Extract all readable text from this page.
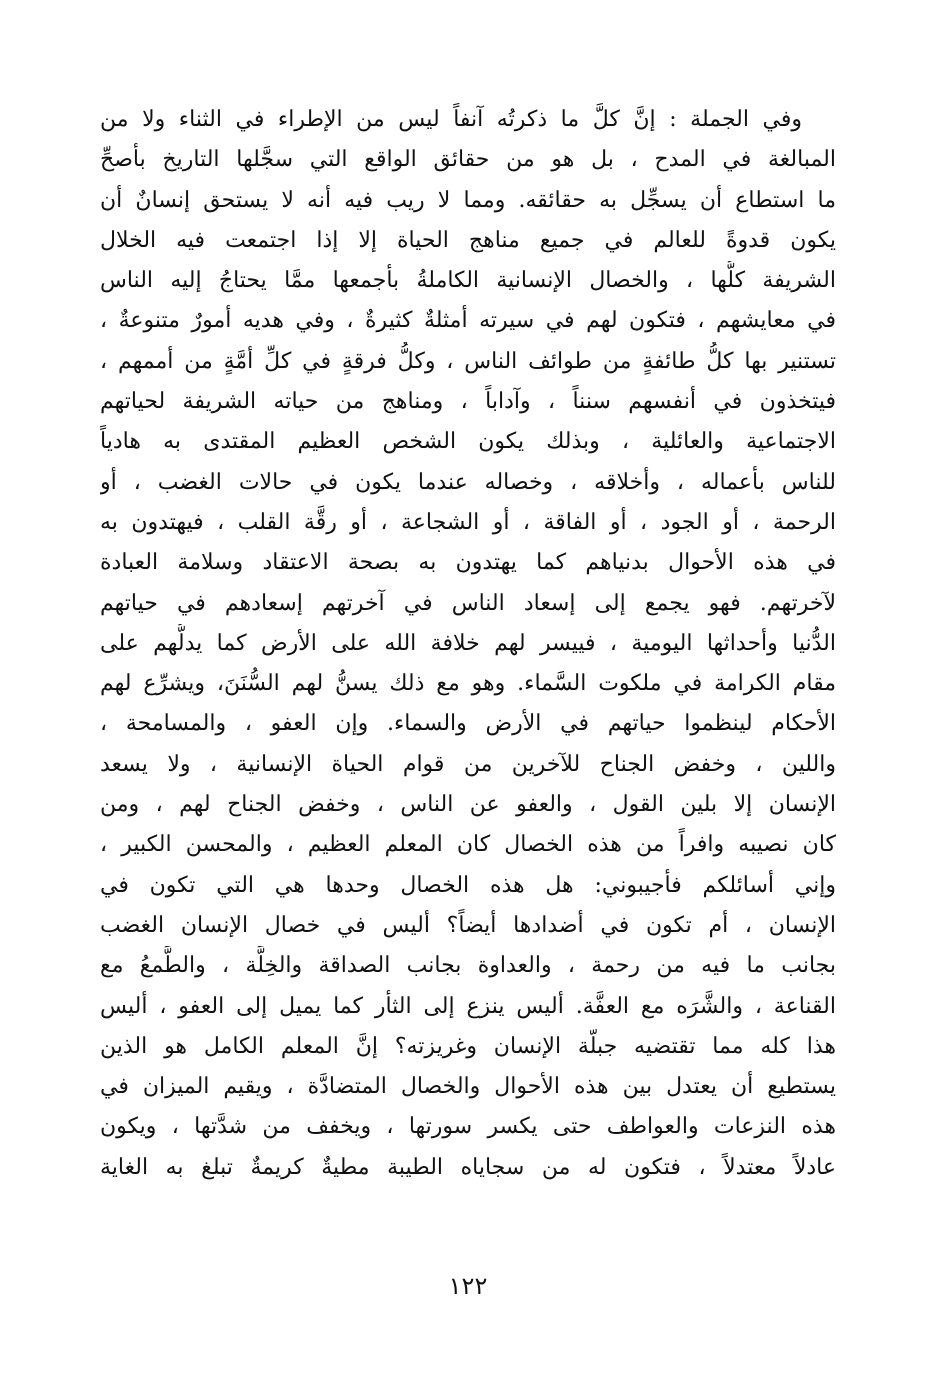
وفي الجملة : إنَّ كلَّ ما ذكرتُه آنفاً ليس من الإطراء في الثناء ولا من
المبالغة في المدح ، بل هو من حقائق الواقع التي سجَّلها التاريخ بأصحِّ
ما استطاع أن يسجِّل به حقائقه. ومما لا ريب فيه أنه لا يستحق إنسانٌ أن
يكون قدوةً للعالم في جميع مناهج الحياة إلا إذا اجتمعت فيه الخلال
الشريفة كلُّها ، والخصال الإنسانية الكاملةُ بأجمعها ممَّا يحتاجُ إليه الناس
في معايشهم ، فتكون لهم في سيرته أمثلةٌ كثيرةٌ ، وفي هديه أمورٌ متنوعةٌ ،
تستنير بها كلُّ طائفةٍ من طوائف الناس ، وكلُّ فرقةٍ في كلِّ أمَّةٍ من أممهم ،
فيتخذون في أنفسهم سنناً ، وآداباً ، ومناهج من حياته الشريفة لحياتهم
الاجتماعية والعائلية ، وبذلك يكون الشخص العظيم المقتدى به هادياً
للناس بأعماله ، وأخلاقه ، وخصاله عندما يكون في حالات الغضب ، أو
الرحمة ، أو الجود ، أو الفاقة ، أو الشجاعة ، أو رقَّة القلب ، فيهتدون به
في هذه الأحوال بدنياهم كما يهتدون به بصحة الاعتقاد وسلامة العبادة
لآخرتهم. فهو يجمع إلى إسعاد الناس في آخرتهم إسعادهم في حياتهم
الدُّنيا وأحداثها اليومية ، فييسر لهم خلافة الله على الأرض كما يدلُّهم على
مقام الكرامة في ملكوت السَّماء. وهو مع ذلك يسنُّ لهم السُّنَنَ، ويشرِّع لهم
الأحكام لينظموا حياتهم في الأرض والسماء. وإن العفو ، والمسامحة ،
واللين ، وخفض الجناح للآخرين من قوام الحياة الإنسانية ، ولا يسعد
الإنسان إلا بلين القول ، والعفو عن الناس ، وخفض الجناح لهم ، ومن
كان نصيبه وافراً من هذه الخصال كان المعلم العظيم ، والمحسن الكبير ،
وإني أسائلكم فأجيبوني: هل هذه الخصال وحدها هي التي تكون في
الإنسان ، أم تكون في أضدادها أيضاً؟ أليس في خصال الإنسان الغضب
بجانب ما فيه من رحمة ، والعداوة بجانب الصداقة والخِلَّة ، والطَّمعُ مع
القناعة ، والشَّرَه مع العفَّة. أليس ينزع إلى الثأر كما يميل إلى العفو ، أليس
هذا كله مما تقتضيه جبلّة الإنسان وغريزته؟ إنَّ المعلم الكامل هو الذين
يستطيع أن يعتدل بين هذه الأحوال والخصال المتضادَّة ، ويقيم الميزان في
هذه النزعات والعواطف حتى يكسر سورتها ، ويخفف من شدَّتها ، ويكون
عادلاً معتدلاً ، فتكون له من سجاياه الطيبة مطيةٌ كريمةٌ تبلغ به الغاية
١٢٢
